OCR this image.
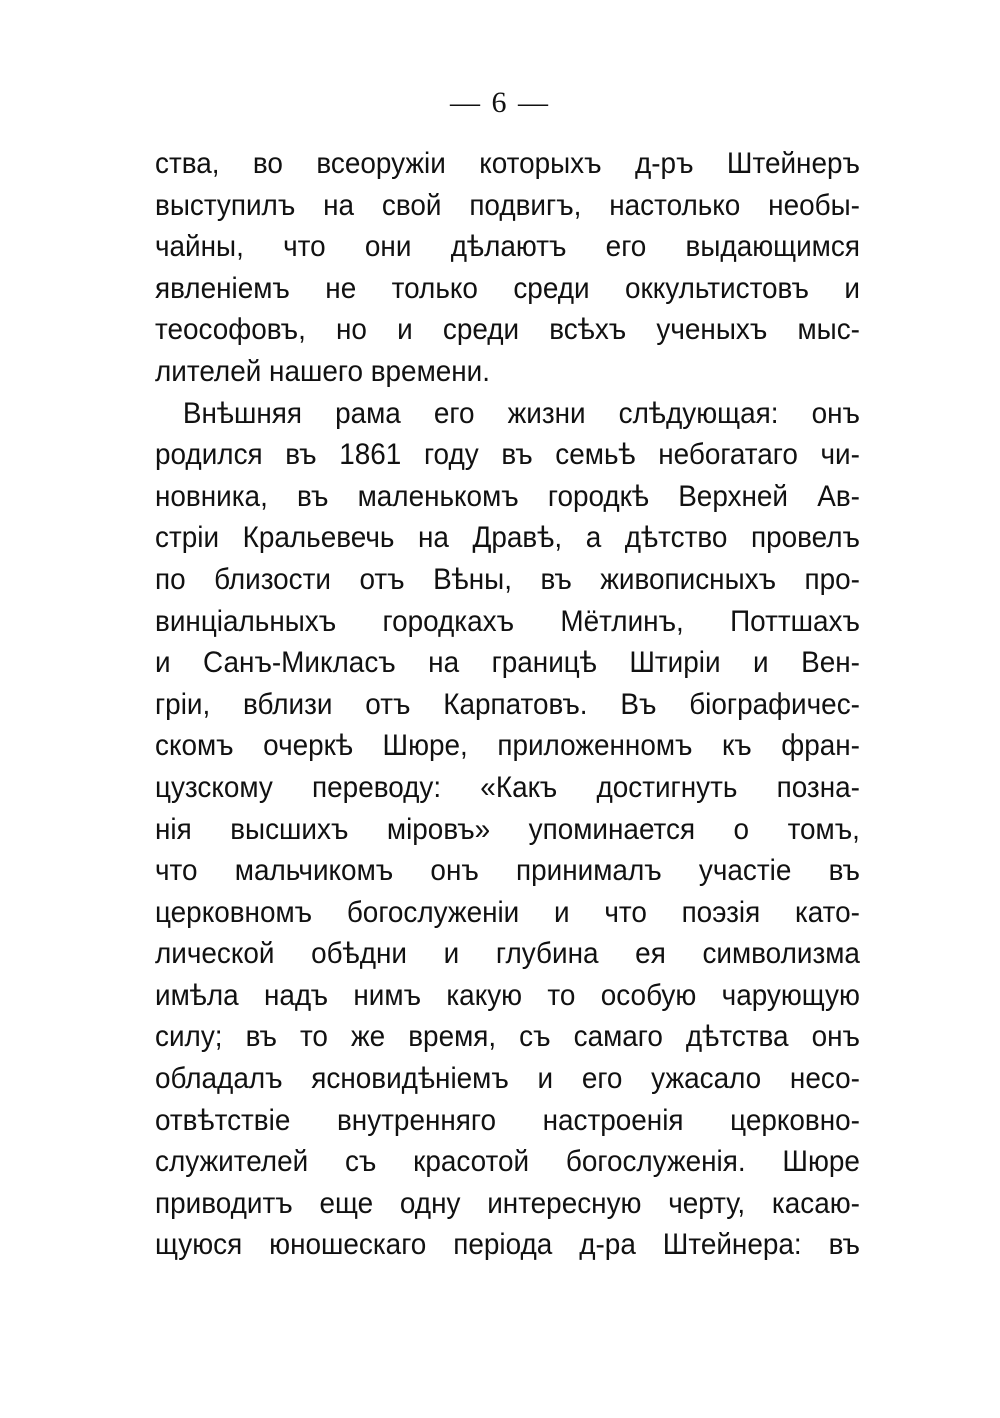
— 6 —
ства, во всеоружіи которыхъ д-ръ Штейнеръ
выступилъ на свой подвигъ, настолько необы-
чайны, что они дѣлаютъ его выдающимся
явленіемъ не только среди оккультистовъ и
теософовъ, но и среди всѣхъ ученыхъ мыс-
лителей нашего времени.
Внѣшняя рама его жизни слѣдующая: онъ
родился въ 1861 году въ семьѣ небогатаго чи-
новника, въ маленькомъ городкѣ Верхней Ав-
стріи Кральевечь на Дравѣ, а дѣтство провелъ
по близости отъ Вѣны, въ живописныхъ про-
винціальныхъ городкахъ Мётлинъ, Поттшахъ
и Санъ-Микласъ на границѣ Штиріи и Вен-
гріи, вблизи отъ Карпатовъ. Въ біографичес-
скомъ очеркѣ Шюре, приложенномъ къ фран-
цузскому переводу: «Какъ достигнуть позна-
нія высшихъ міровъ» упоминается о томъ,
что мальчикомъ онъ принималъ участіе въ
церковномъ богослуженіи и что поэзія като-
лической обѣдни и глубина ея символизма
имѣла надъ нимъ какую то особую чарующую
силу; въ то же время, съ самаго дѣтства онъ
обладалъ ясновидѣніемъ и его ужасало несо-
отвѣтствіе внутренняго настроенія церковно-
служителей съ красотой богослуженія. Шюре
приводитъ еще одну интересную черту, касаю-
щуюся юношескаго періода д-ра Штейнера: въ
